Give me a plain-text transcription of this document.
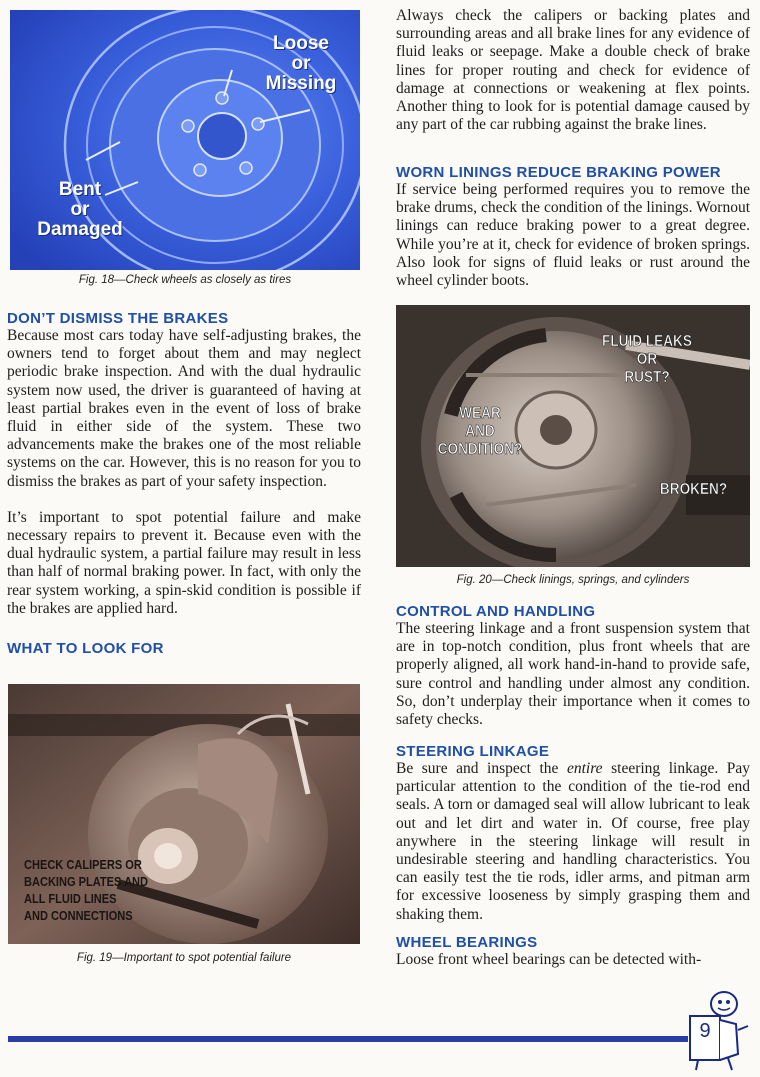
Loose
or
Missing
Bent
or
Damaged
Fig. 18—Check wheels as closely as tires
DON’T DISMISS THE BRAKES

Because most cars today have self-adjusting brakes, the owners tend to forget about them and may neglect periodic brake inspection. And with the dual hydraulic system now used, the driver is guaranteed of having at least partial brakes even in the event of loss of brake fluid in either side of the system. These two advancements make the brakes one of the most reliable systems on the car. However, this is no reason for you to dismiss the brakes as part of your safety inspection.

It’s important to spot potential failure and make necessary repairs to prevent it. Because even with the dual hydraulic system, a partial failure may result in less than half of normal braking power. In fact, with only the rear system working, a spin-skid condition is possible if the brakes are applied hard.

WHAT TO LOOK FOR
CHECK CALIPERS OR
BACKING PLATES AND
ALL FLUID LINES
AND CONNECTIONS
Fig. 19—Important to spot potential failure

Always check the calipers or backing plates and surrounding areas and all brake lines for any evidence of fluid leaks or seepage. Make a double check of brake lines for proper routing and check for evidence of damage at connections or weakening at flex points. Another thing to look for is potential damage caused by any part of the car rubbing against the brake lines.

WORN LININGS REDUCE BRAKING POWER

If service being performed requires you to remove the brake drums, check the condition of the linings. Wornout linings can reduce braking power to a great degree. While you’re at it, check for evidence of broken springs. Also look for signs of fluid leaks or rust around the wheel cylinder boots.

FLUID LEAKS
OR
RUST?
WEAR
AND
CONDITION?
BROKEN?
Fig. 20—Check linings, springs, and cylinders
CONTROL AND HANDLING

The steering linkage and a front suspension system that are in top-notch condition, plus front wheels that are properly aligned, all work hand-in-hand to provide safe, sure control and handling under almost any condition. So, don’t underplay their importance when it comes to safety checks.

STEERING LINKAGE

Be sure and inspect the entire steering linkage. Pay particular attention to the condition of the tie-rod end seals. A torn or damaged seal will allow lubricant to leak out and let dirt and water in. Of course, free play anywhere in the steering linkage will result in undesirable steering and handling characteristics. You can easily test the tie rods, idler arms, and pitman arm for excessive looseness by simply grasping them and shaking them.

WHEEL BEARINGS

Loose front wheel bearings can be detected with-

9
